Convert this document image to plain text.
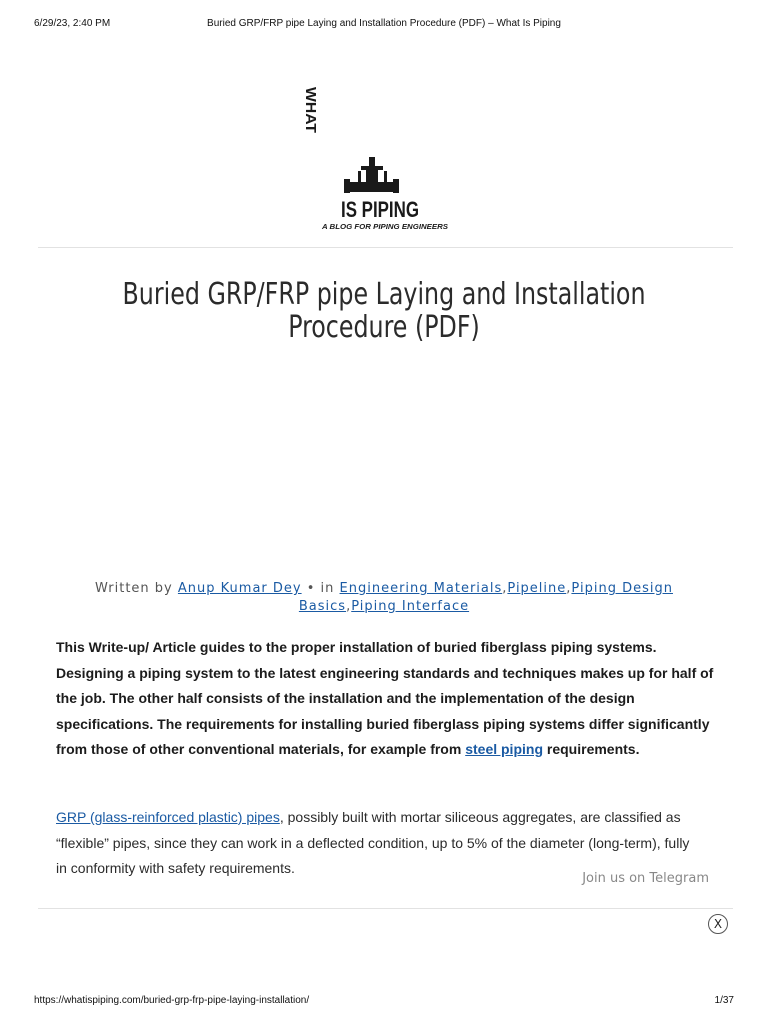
6/29/23, 2:40 PM	Buried GRP/FRP pipe Laying and Installation Procedure (PDF) – What Is Piping
WHAT
IS PIPING
A BLOG FOR PIPING ENGINEERS
Buried GRP/FRP pipe Laying and Installation Procedure (PDF)
Written by Anup Kumar Dey • in Engineering Materials,Pipeline,Piping Design Basics,Piping Interface

This Write-up/ Article guides to the proper installation of buried fiberglass piping systems. Designing a piping system to the latest engineering standards and techniques makes up for half of the job. The other half consists of the installation and the implementation of the design specifications. The requirements for installing buried fiberglass piping systems differ significantly from those of other conventional materials, for example from steel piping requirements.

GRP (glass-reinforced plastic) pipes, possibly built with mortar siliceous aggregates, are classified as “flexible” pipes, since they can work in a deflected condition, up to 5% of the diameter (long-term), fully in conformity with safety requirements.

Join us on Telegram
X
https://whatispiping.com/buried-grp-frp-pipe-laying-installation/	1/37
